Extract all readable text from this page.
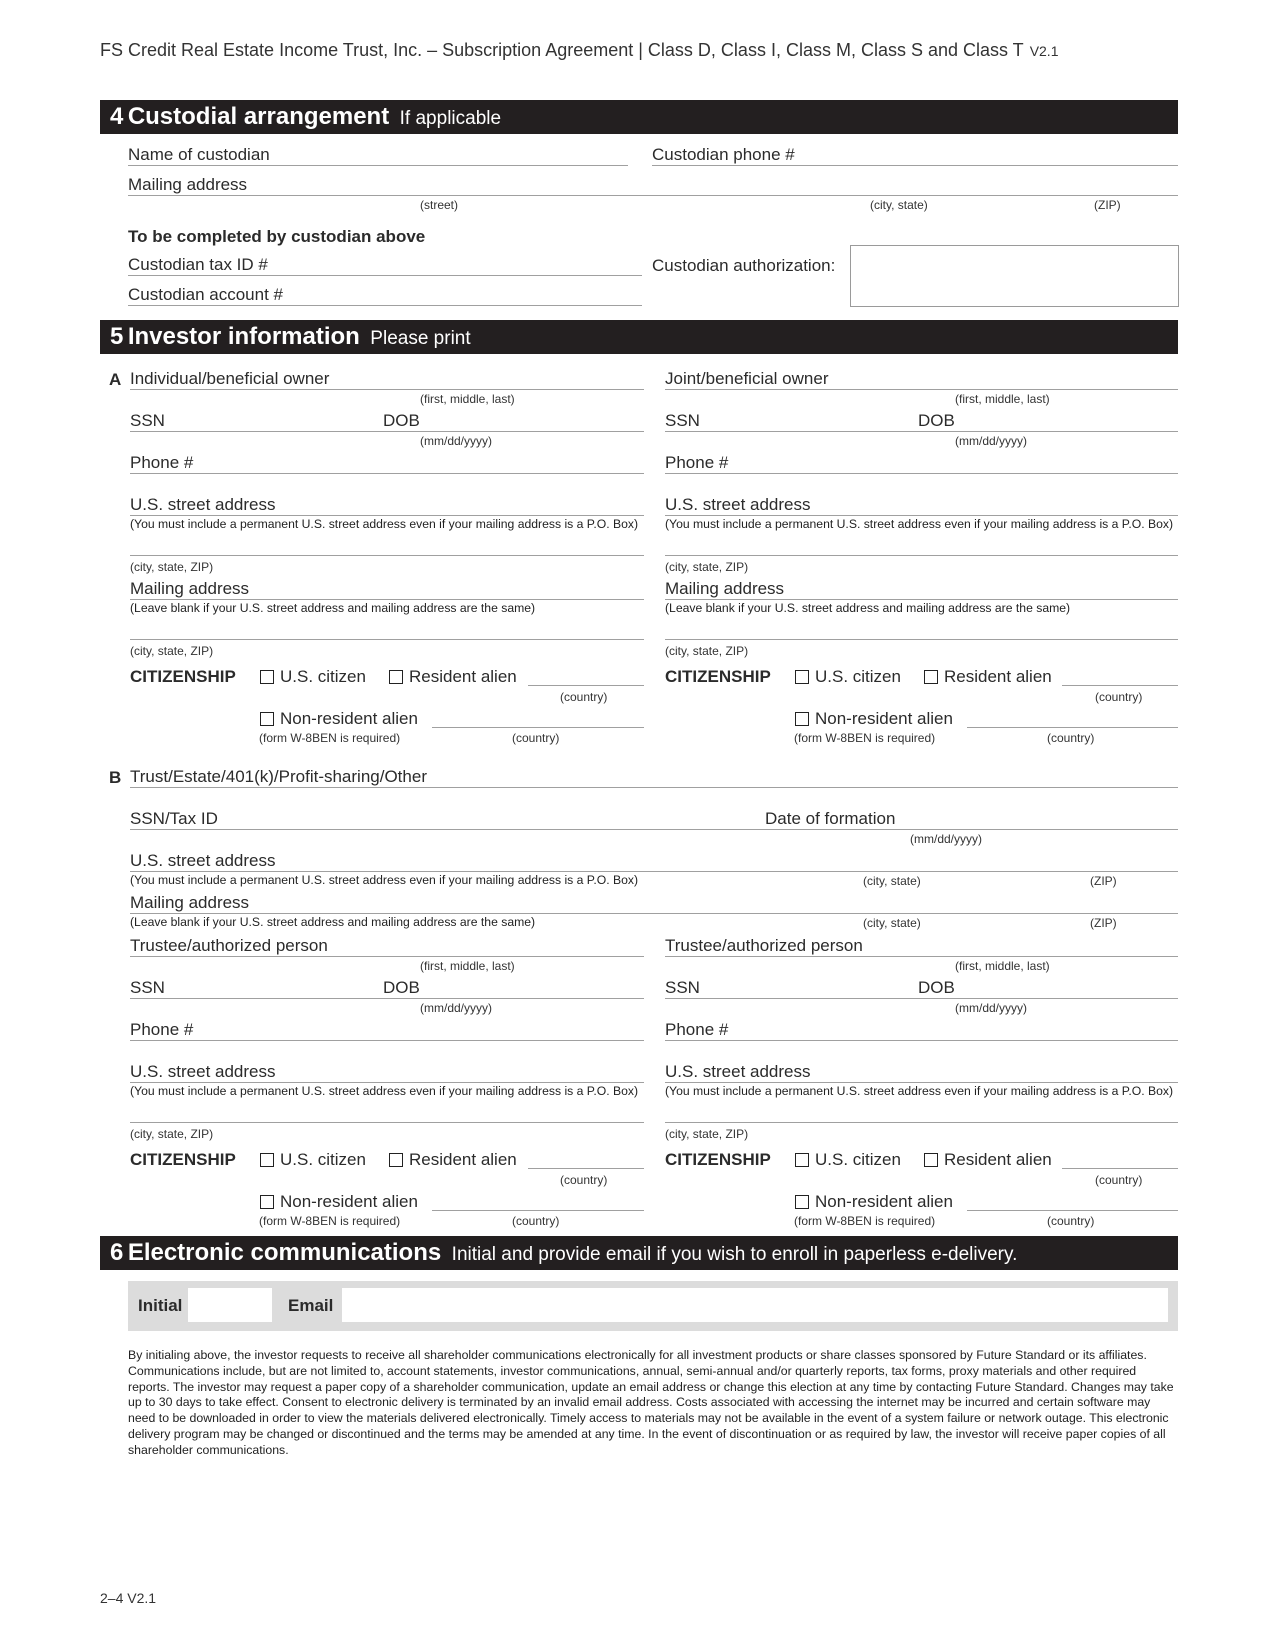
FS Credit Real Estate Income Trust, Inc. – Subscription Agreement | Class D, Class I, Class M, Class S and Class T V2.1
4 Custodial arrangement If applicable
Name of custodian	Custodian phone #
Mailing address
(street)	(city, state)	(ZIP)
To be completed by custodian above
Custodian tax ID #
Custodian account #
Custodian authorization:
5 Investor information Please print
A Individual/beneficial owner
(first, middle, last)
SSN	DOB
(mm/dd/yyyy)
Phone #
U.S. street address
(You must include a permanent U.S. street address even if your mailing address is a P.O. Box)
(city, state, ZIP)
Mailing address
(Leave blank if your U.S. street address and mailing address are the same)
(city, state, ZIP)
CITIZENSHIP	U.S. citizen	Resident alien
(country)
Non-resident alien
(form W-8BEN is required)	(country)
Joint/beneficial owner
(first, middle, last)
SSN	DOB
(mm/dd/yyyy)
Phone #
U.S. street address
(You must include a permanent U.S. street address even if your mailing address is a P.O. Box)
(city, state, ZIP)
Mailing address
(Leave blank if your U.S. street address and mailing address are the same)
(city, state, ZIP)
CITIZENSHIP	U.S. citizen	Resident alien
(country)
Non-resident alien
(form W-8BEN is required)	(country)
B Trust/Estate/401(k)/Profit-sharing/Other
SSN/Tax ID	Date of formation
(mm/dd/yyyy)
U.S. street address
(You must include a permanent U.S. street address even if your mailing address is a P.O. Box)	(city, state)	(ZIP)
Mailing address
(Leave blank if your U.S. street address and mailing address are the same)	(city, state)	(ZIP)
Trustee/authorized person
(first, middle, last)
SSN	DOB
(mm/dd/yyyy)
Phone #
U.S. street address
(You must include a permanent U.S. street address even if your mailing address is a P.O. Box)
(city, state, ZIP)
CITIZENSHIP	U.S. citizen	Resident alien
(country)
Non-resident alien
(form W-8BEN is required)	(country)
Trustee/authorized person
(first, middle, last)
SSN	DOB
(mm/dd/yyyy)
Phone #
U.S. street address
(You must include a permanent U.S. street address even if your mailing address is a P.O. Box)
(city, state, ZIP)
CITIZENSHIP	U.S. citizen	Resident alien
(country)
Non-resident alien
(form W-8BEN is required)	(country)
6 Electronic communications Initial and provide email if you wish to enroll in paperless e-delivery.
Initial	Email
By initialing above, the investor requests to receive all shareholder communications electronically for all investment products or share classes sponsored by Future Standard or its affiliates. Communications include, but are not limited to, account statements, investor communications, annual, semi-annual and/or quarterly reports, tax forms, proxy materials and other required reports. The investor may request a paper copy of a shareholder communication, update an email address or change this election at any time by contacting Future Standard. Changes may take up to 30 days to take effect. Consent to electronic delivery is terminated by an invalid email address. Costs associated with accessing the internet may be incurred and certain software may need to be downloaded in order to view the materials delivered electronically. Timely access to materials may not be available in the event of a system failure or network outage. This electronic delivery program may be changed or discontinued and the terms may be amended at any time. In the event of discontinuation or as required by law, the investor will receive paper copies of all shareholder communications.
2–4 V2.1
